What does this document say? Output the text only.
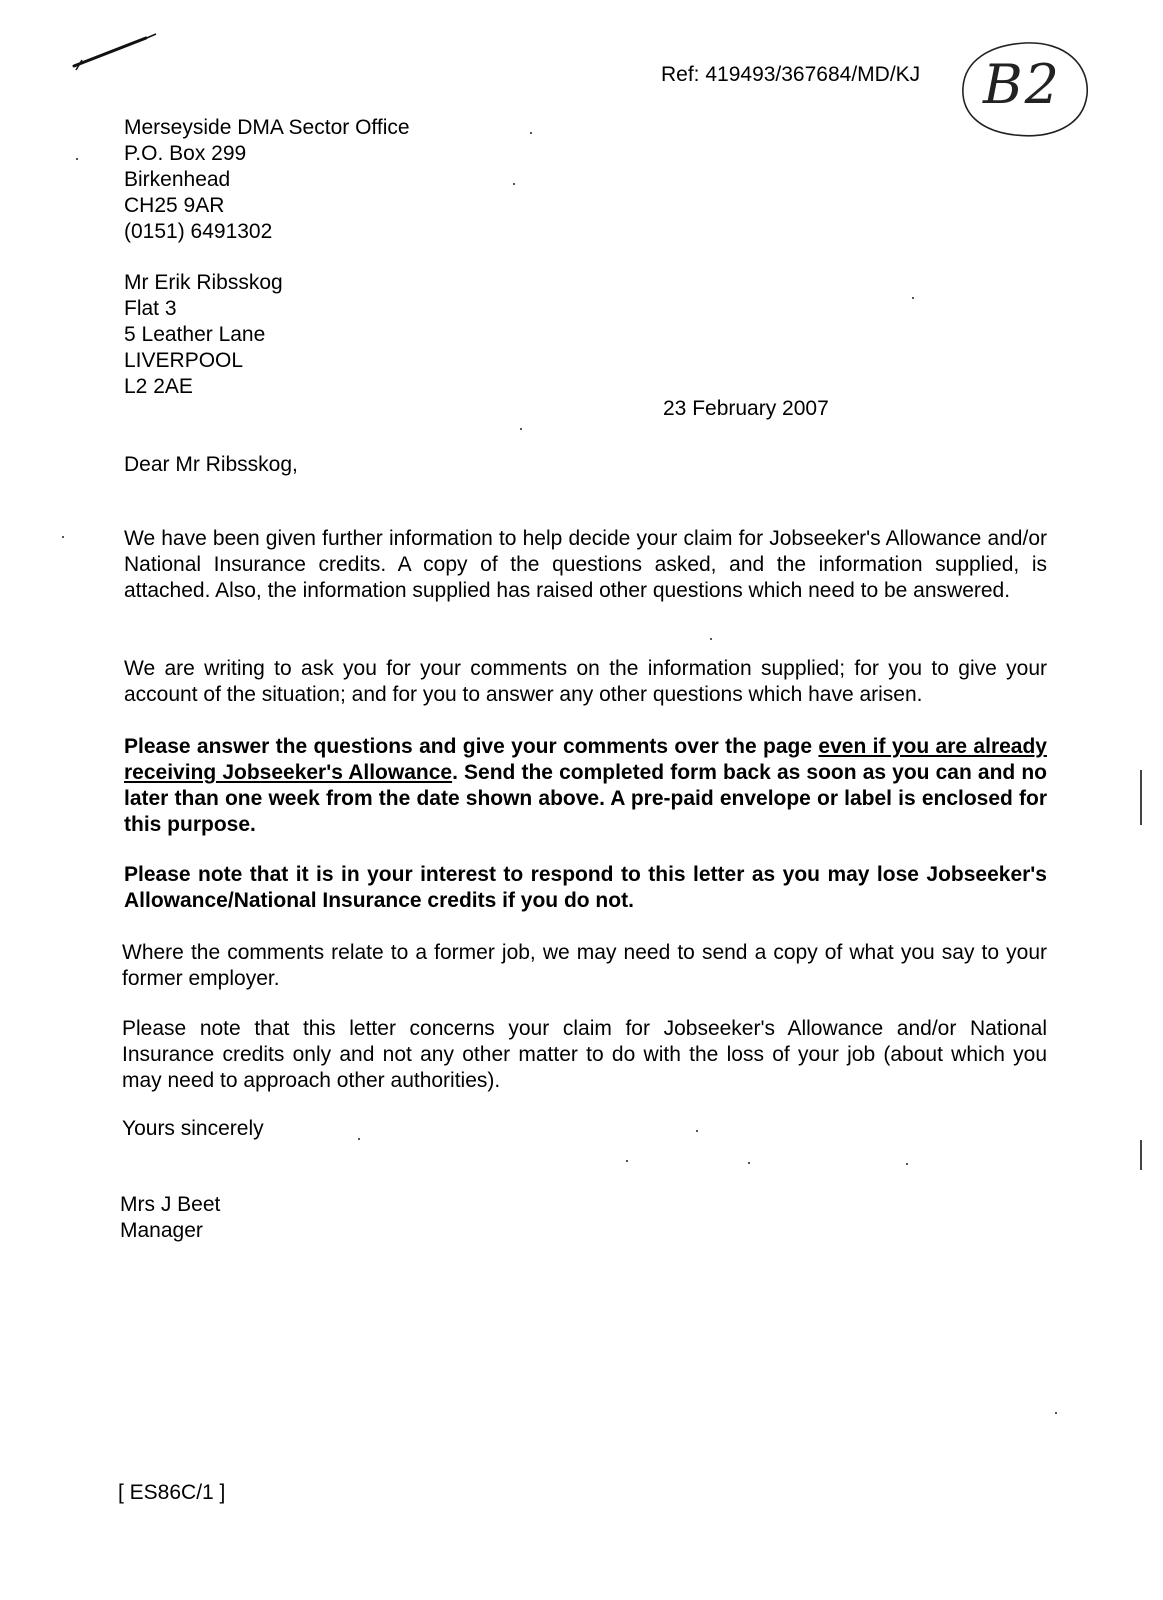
Ref: 419493/367684/MD/KJ B2
Merseyside DMA Sector Office
P.O. Box 299
Birkenhead
CH25 9AR
(0151) 6491302
Mr Erik Ribsskog
Flat 3
5 Leather Lane
LIVERPOOL
L2 2AE
23 February 2007
Dear Mr Ribsskog,
We have been given further information to help decide your claim for Jobseeker's Allowance and/or National Insurance credits. A copy of the questions asked, and the information supplied, is attached. Also, the information supplied has raised other questions which need to be answered.
We are writing to ask you for your comments on the information supplied; for you to give your account of the situation; and for you to answer any other questions which have arisen.
Please answer the questions and give your comments over the page even if you are already receiving Jobseeker's Allowance. Send the completed form back as soon as you can and no later than one week from the date shown above. A pre-paid envelope or label is enclosed for this purpose.
Please note that it is in your interest to respond to this letter as you may lose Jobseeker's Allowance/National Insurance credits if you do not.
Where the comments relate to a former job, we may need to send a copy of what you say to your former employer.
Please note that this letter concerns your claim for Jobseeker's Allowance and/or National Insurance credits only and not any other matter to do with the loss of your job (about which you may need to approach other authorities).
Yours sincerely
Mrs J Beet
Manager
[ ES86C/1 ]
